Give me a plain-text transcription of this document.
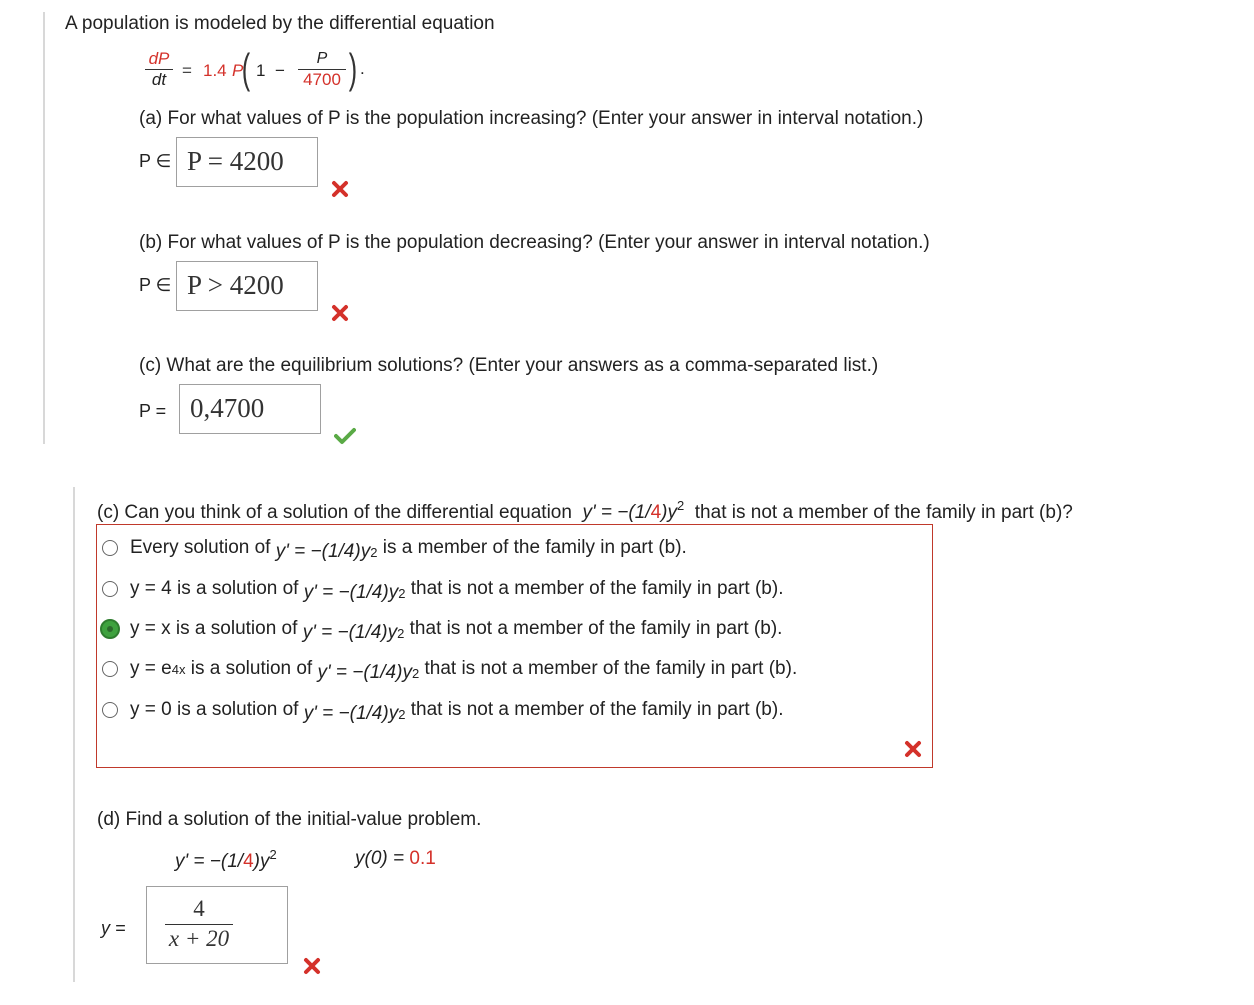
A population is modeled by the differential equation
dP
dt = 1.4 P
( 1 −
P
4700 ) .
(a) For what values of P is the population increasing? (Enter your answer in interval notation.)
P ∈ P = 4200
(b) For what values of P is the population decreasing? (Enter your answer in interval notation.)
P ∈ P > 4200
(c) What are the equilibrium solutions? (Enter your answers as a comma-separated list.)
P = 0,4700
(c) Can you think of a solution of the differential equation $y' = -(1/4)y^2$ that is not a member of the family in part (b)?
Every solution of
$y' = -(1/4)y^2$
is a member of the family in part (b).
y = 4 is a solution of
$y' = -(1/4)y^2$
that is not a member of the family in part (b).
y = x is a solution of
$y' = -(1/4)y^2$
that is not a member of the family in part (b).
y = e 4x
is a solution of
$y' = -(1/4)y^2$
that is not a member of the family in part (b).
y = 0 is a solution of
$y' = -(1/4)y^2$
that is not a member of the family in part (b).
(d) Find a solution of the initial-value problem.
$y' = -(1/4)y^2$	y(0) = 0.1
y =
4
x + 20
